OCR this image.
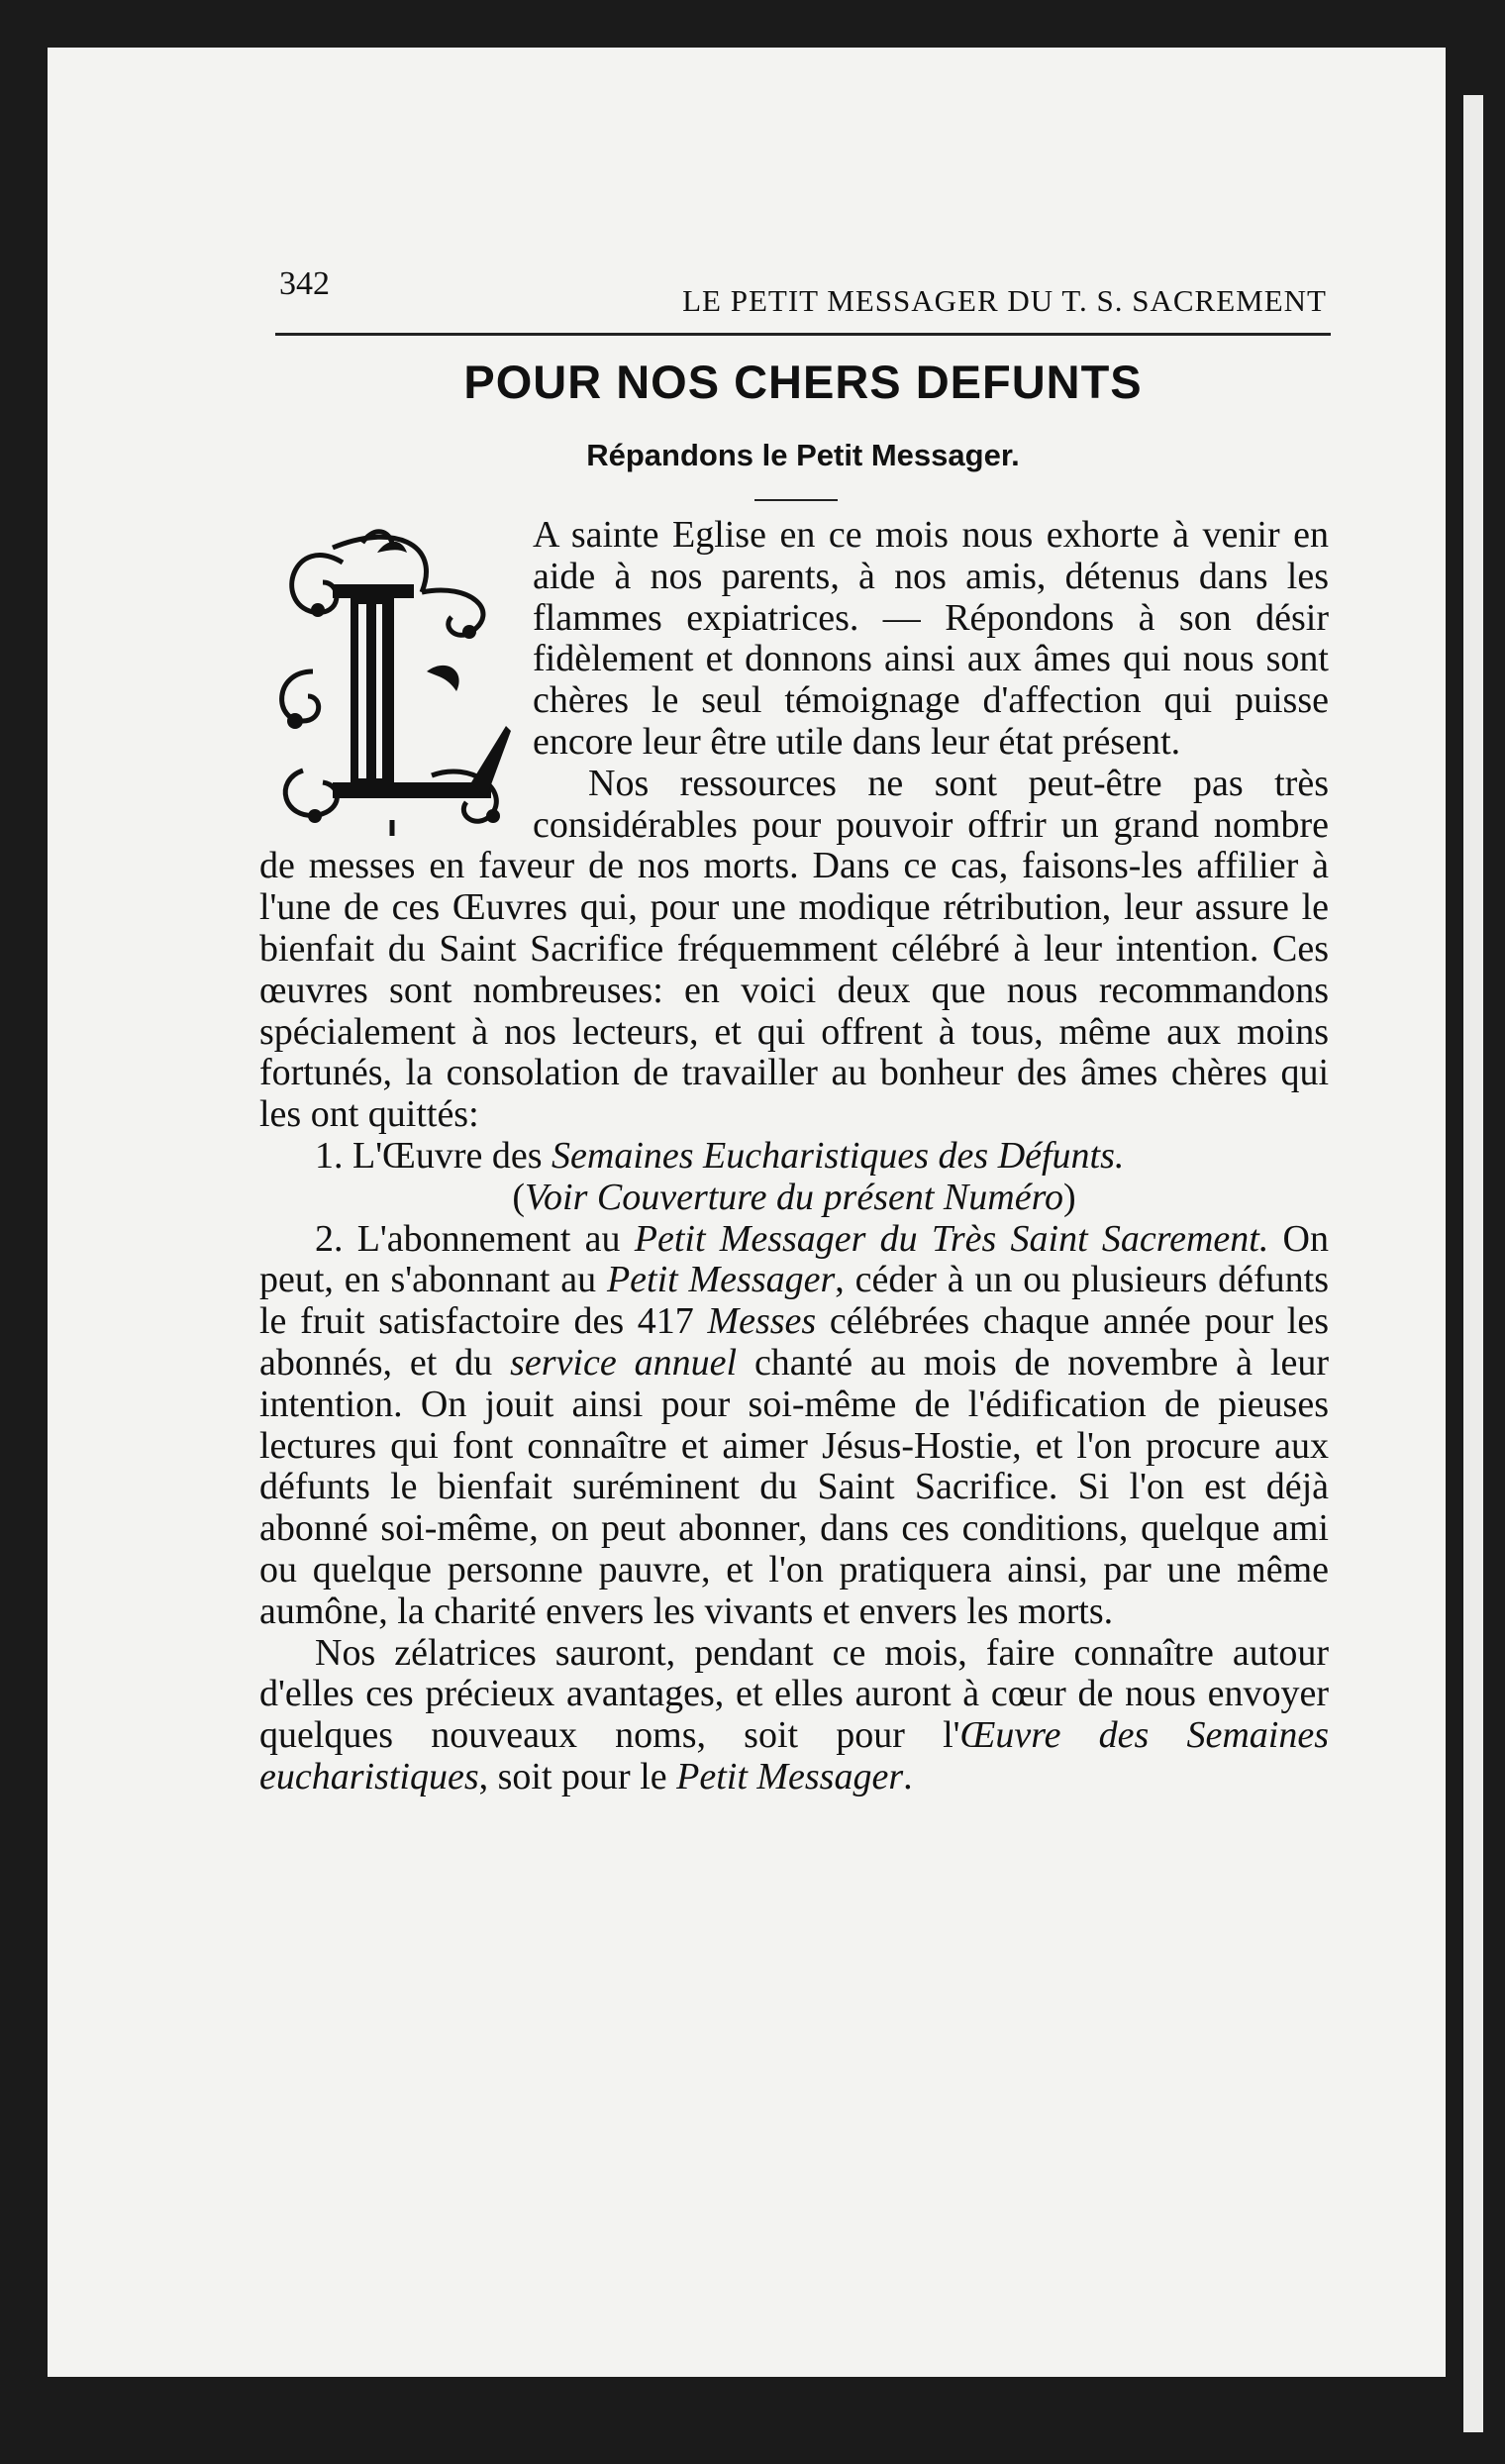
342	LE PETIT MESSAGER DU T. S. SACREMENT
POUR NOS CHERS DEFUNTS
Répandons le Petit Messager.

A sainte Eglise en ce mois nous exhorte à venir en aide à nos parents, à nos amis, détenus dans les flammes expiatrices. — Répondons à son désir fidèlement et donnons ainsi aux âmes qui nous sont chères le seul témoignage d'affection qui puisse encore leur être utile dans leur état présent.

Nos ressources ne sont peut-être pas très considérables pour pouvoir offrir un grand nombre de messes en faveur de nos morts. Dans ce cas, faisons-les affilier à l'une de ces Œuvres qui, pour une modique rétribution, leur assure le bienfait du Saint Sacrifice fréquemment célébré à leur intention. Ces œuvres sont nombreuses: en voici deux que nous recommandons spécialement à nos lecteurs, et qui offrent à tous, même aux moins fortunés, la consolation de travailler au bonheur des âmes chères qui les ont quittés:

1. L'Œuvre des Semaines Eucharistiques des Défunts.

(Voir Couverture du présent Numéro)

2. L'abonnement au Petit Messager du Très Saint Sacrement. On peut, en s'abonnant au Petit Messager, céder à un ou plusieurs défunts le fruit satisfactoire des 417 Messes célébrées chaque année pour les abonnés, et du service annuel chanté au mois de novembre à leur intention. On jouit ainsi pour soi-même de l'édification de pieuses lectures qui font connaître et aimer Jésus-Hostie, et l'on procure aux défunts le bienfait suréminent du Saint Sacrifice. Si l'on est déjà abonné soi-même, on peut abonner, dans ces conditions, quelque ami ou quelque personne pauvre, et l'on pratiquera ainsi, par une même aumône, la charité envers les vivants et envers les morts.

Nos zélatrices sauront, pendant ce mois, faire connaître autour d'elles ces précieux avantages, et elles auront à cœur de nous envoyer quelques nouveaux noms, soit pour l'Œuvre des Semaines eucharistiques, soit pour le Petit Messager.
